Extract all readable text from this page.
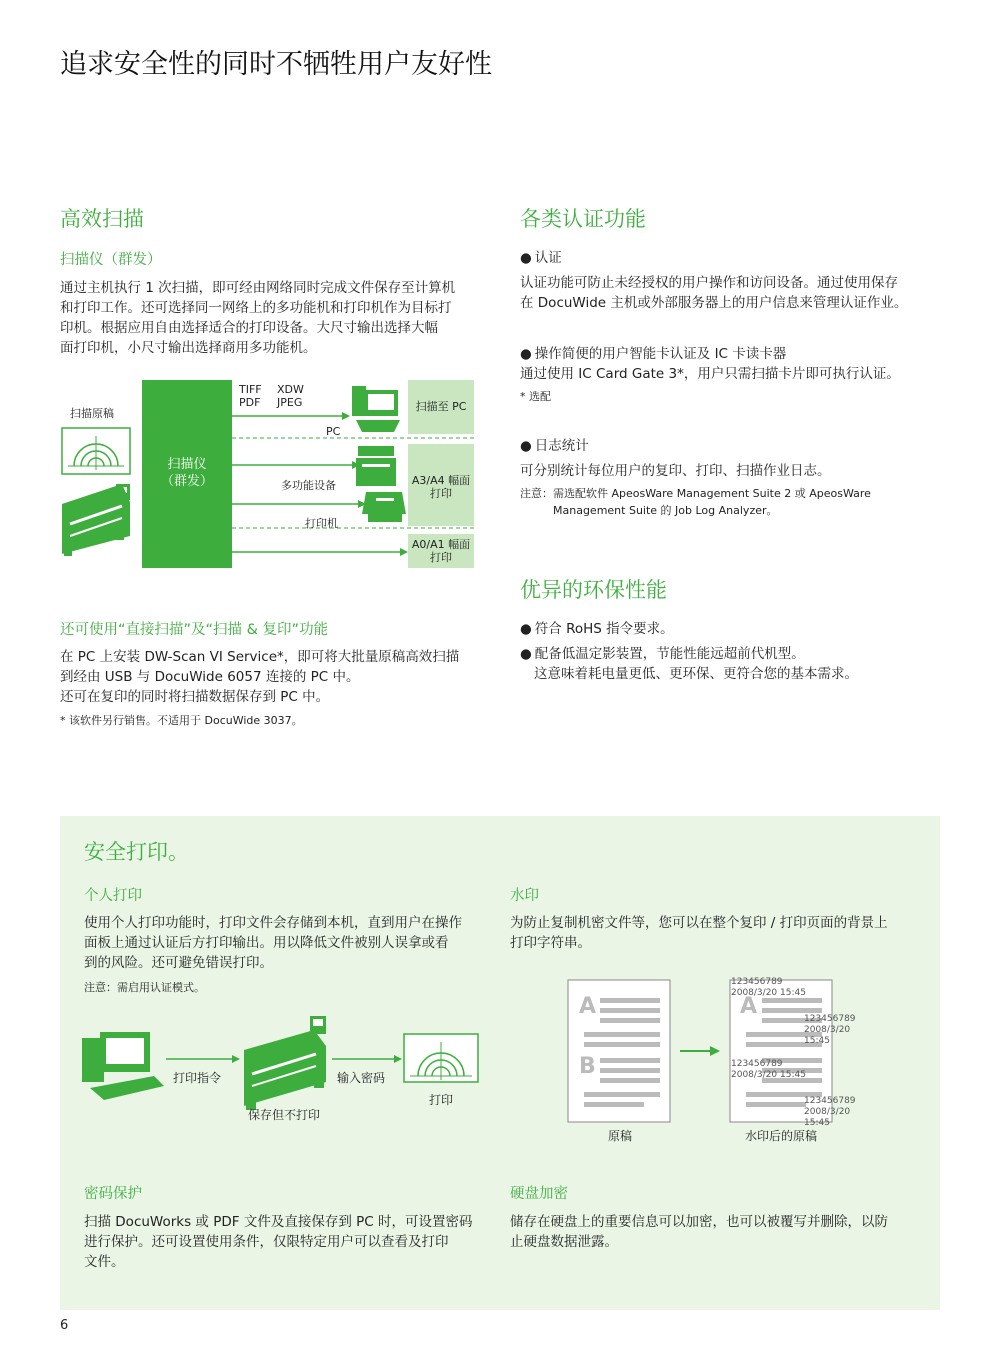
追求安全性的同时不牺牲用户友好性
高效扫描
扫描仪（群发）
通过主机执行 1 次扫描，即可经由网络同时完成文件保存至计算机
和打印工作。还可选择同一网络上的多功能机和打印机作为目标打
印机。根据应用自由选择适合的打印设备。大尺寸输出选择大幅
面打印机，小尺寸输出选择商用多功能机。
扫描原稿
扫描仪
（群发）
TIFF
PDF
XDW
JPEG
PC
多功能设备
打印机
扫描至 PC
A3/A4 幅面
打印
A0/A1 幅面
打印
还可使用“直接扫描”及“扫描 & 复印”功能
在 PC 上安装 DW-Scan VI Service*，即可将大批量原稿高效扫描
到经由 USB 与 DocuWide 6057 连接的 PC 中。
还可在复印的同时将扫描数据保存到 PC 中。
* 该软件另行销售。不适用于 DocuWide 3037。
各类认证功能
● 认证
认证功能可防止未经授权的用户操作和访问设备。通过使用保存
在 DocuWide 主机或外部服务器上的用户信息来管理认证作业。
● 操作简便的用户智能卡认证及 IC 卡读卡器
通过使用 IC Card Gate 3*，用户只需扫描卡片即可执行认证。
* 选配
● 日志统计
可分别统计每位用户的复印、打印、扫描作业日志。
注意：需选配软件 ApeosWare Management Suite 2 或 ApeosWare
Management Suite 的 Job Log Analyzer。
优异的环保性能
● 符合 RoHS 指令要求。
● 配备低温定影装置，节能性能远超前代机型。
这意味着耗电量更低、更环保、更符合您的基本需求。
安全打印。
个人打印
使用个人打印功能时，打印文件会存储到本机，直到用户在操作
面板上通过认证后方打印输出。用以降低文件被别人误拿或看
到的风险。还可避免错误打印。
注意：需启用认证模式。
打印指令	输入密码
保存但不打印
打印
水印
为防止复制机密文件等，您可以在整个复印 / 打印页面的背景上
打印字符串。
A
B
A
123456789
2008/3/20 15:45
123456789
2008/3/20 15:45
123456789
2008/3/20 15:45
123456789
2008/3/20 15:45
原稿	水印后的原稿
密码保护
扫描 DocuWorks 或 PDF 文件及直接保存到 PC 时，可设置密码
进行保护。还可设置使用条件，仅限特定用户可以查看及打印
文件。
硬盘加密
储存在硬盘上的重要信息可以加密，也可以被覆写并删除，以防
止硬盘数据泄露。
6
